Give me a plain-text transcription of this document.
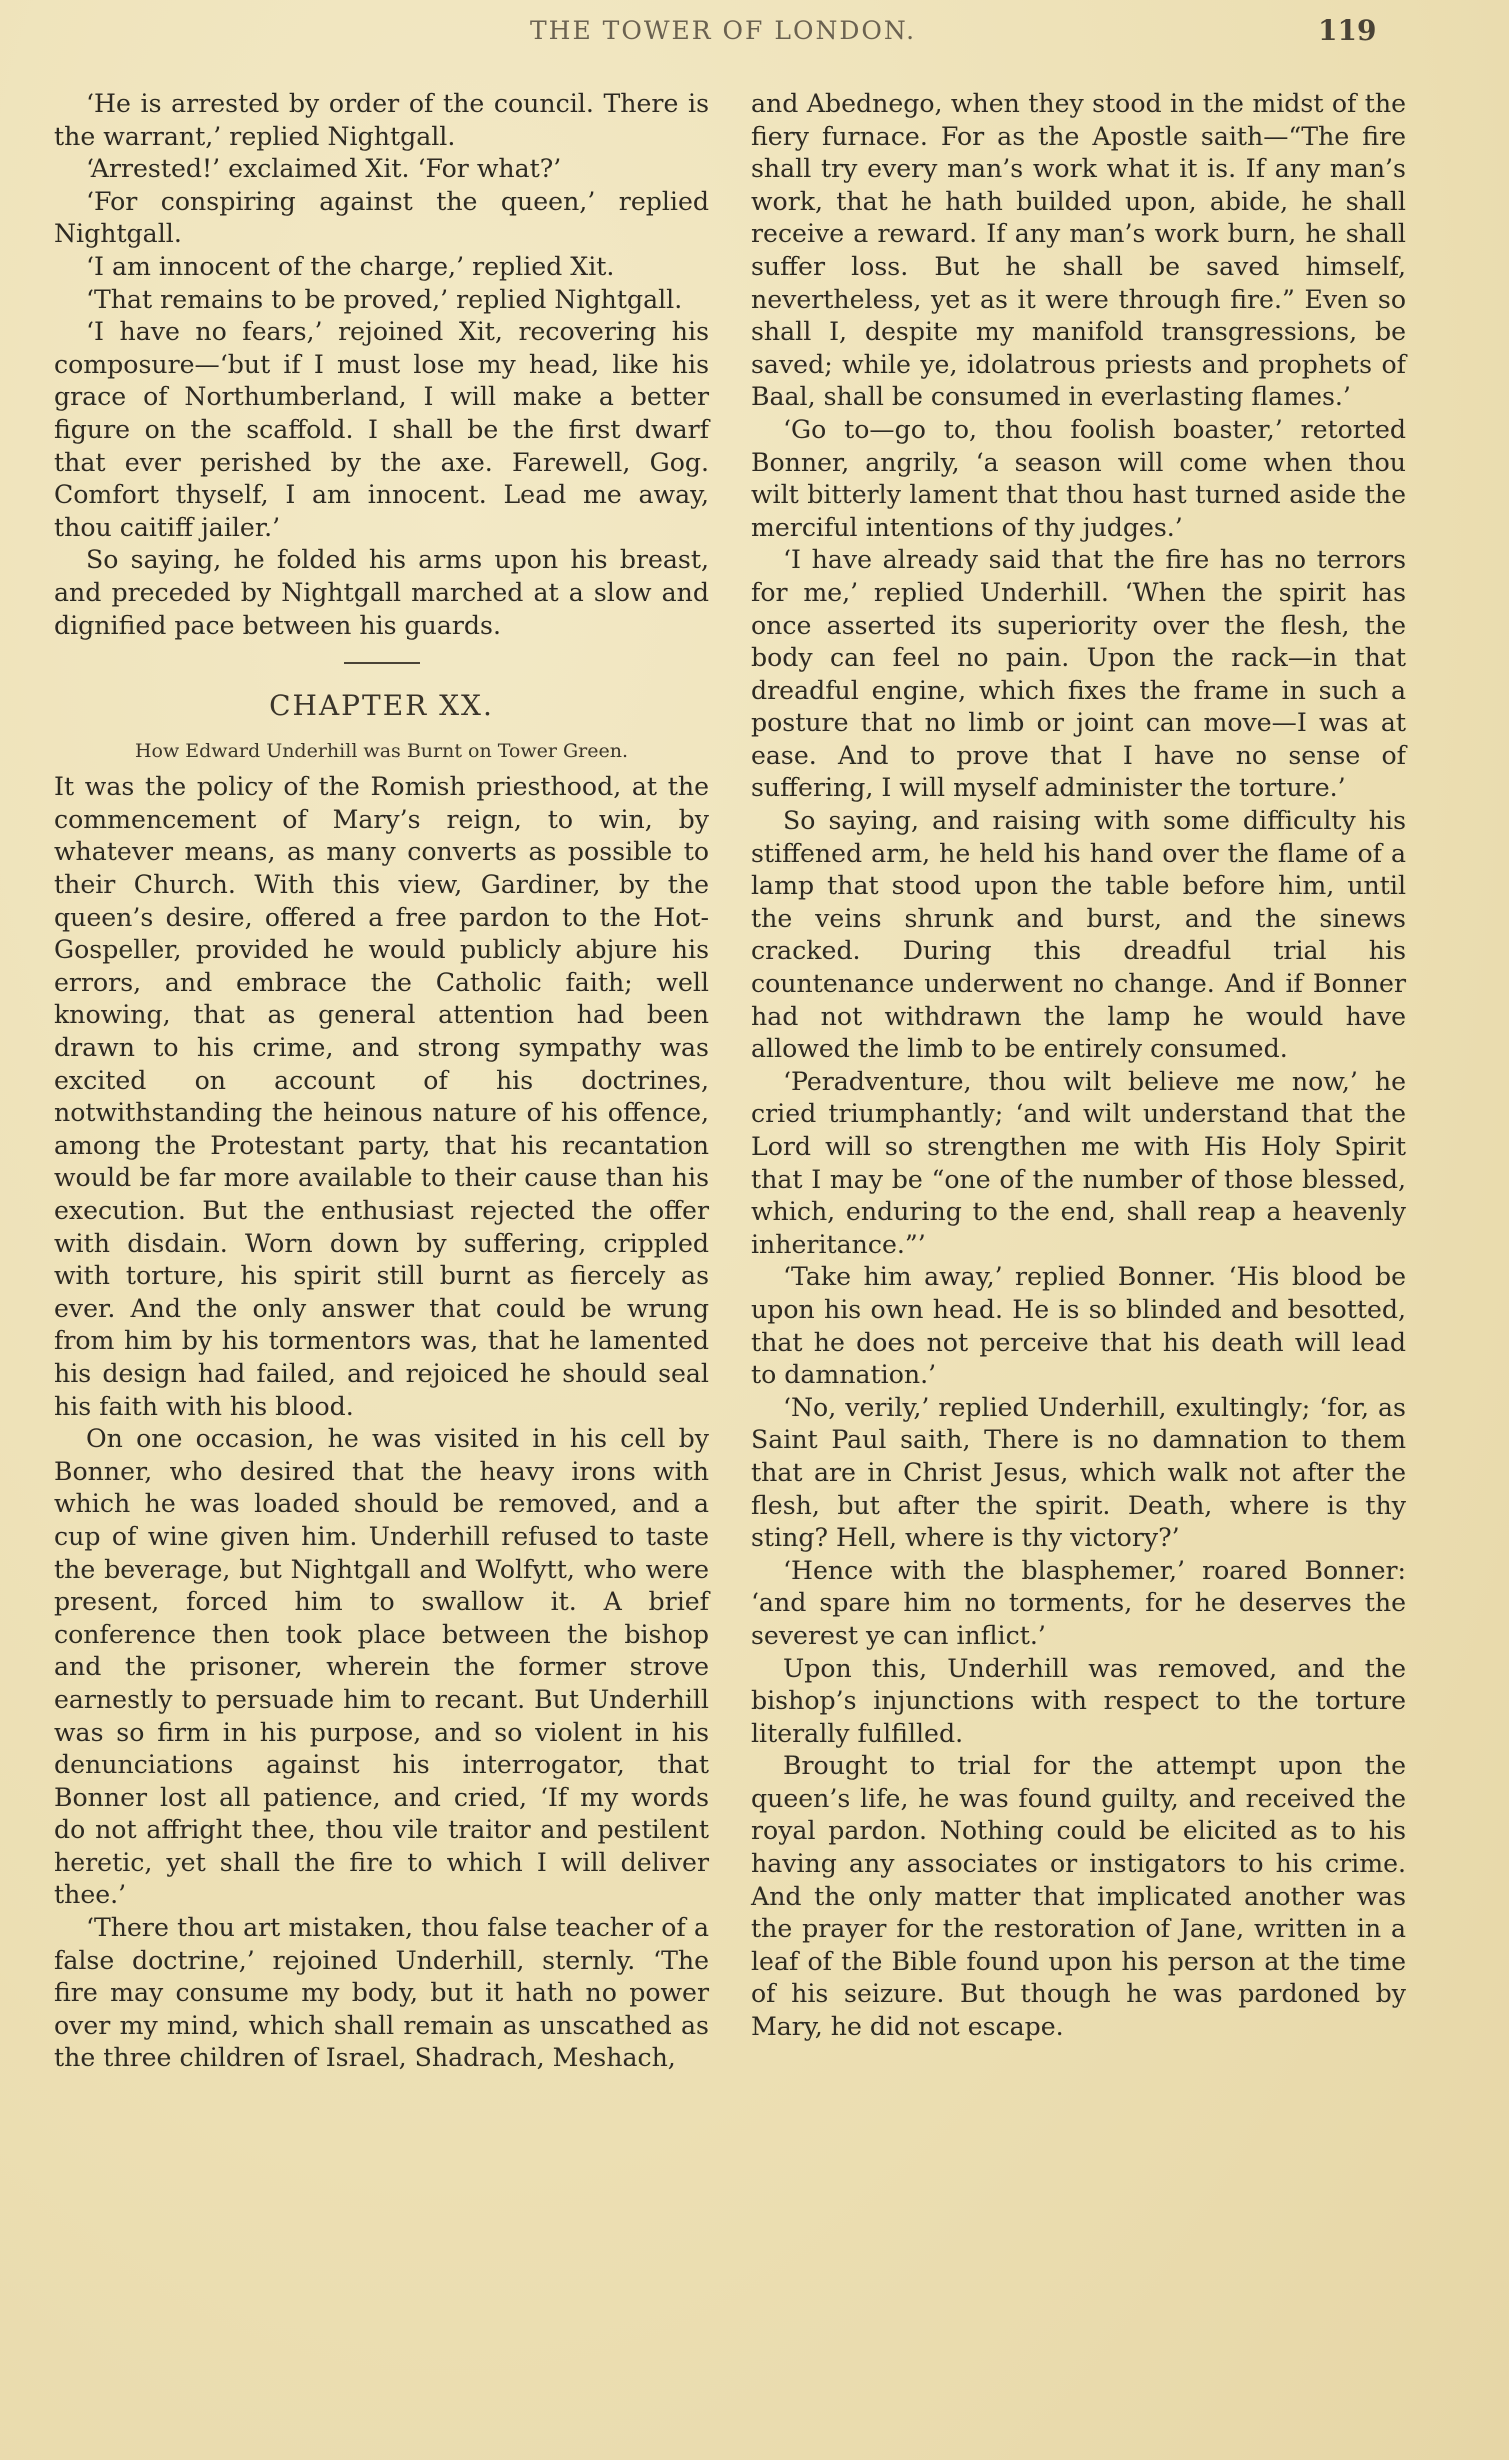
THE TOWER OF LONDON.	119

‘He is arrested by order of the council. There is the warrant,’ replied Nightgall.

‘Arrested!’ exclaimed Xit. ‘For what?’

‘For conspiring against the queen,’ replied Nightgall.

‘I am innocent of the charge,’ replied Xit.

‘That remains to be proved,’ replied Nightgall.

‘I have no fears,’ rejoined Xit, recovering his composure—‘but if I must lose my head, like his grace of Northumberland, I will make a better figure on the scaffold. I shall be the first dwarf that ever perished by the axe. Farewell, Gog. Comfort thyself, I am innocent. Lead me away, thou caitiff jailer.’

So saying, he folded his arms upon his breast, and preceded by Nightgall marched at a slow and dignified pace between his guards.

CHAPTER XX.
How Edward Underhill was Burnt on Tower Green.

It was the policy of the Romish priesthood, at the commencement of Mary’s reign, to win, by whatever means, as many converts as possible to their Church. With this view, Gardiner, by the queen’s desire, offered a free pardon to the Hot-Gospeller, provided he would publicly abjure his errors, and embrace the Catholic faith; well knowing, that as general attention had been drawn to his crime, and strong sympathy was excited on account of his doctrines, notwithstanding the heinous nature of his offence, among the Protestant party, that his recantation would be far more available to their cause than his execution. But the enthusiast rejected the offer with disdain. Worn down by suffering, crippled with torture, his spirit still burnt as fiercely as ever. And the only answer that could be wrung from him by his tormentors was, that he lamented his design had failed, and rejoiced he should seal his faith with his blood.

On one occasion, he was visited in his cell by Bonner, who desired that the heavy irons with which he was loaded should be removed, and a cup of wine given him. Underhill refused to taste the beverage, but Nightgall and Wolfytt, who were present, forced him to swallow it. A brief conference then took place between the bishop and the prisoner, wherein the former strove earnestly to persuade him to recant. But Underhill was so firm in his purpose, and so violent in his denunciations against his interrogator, that Bonner lost all patience, and cried, ‘If my words do not affright thee, thou vile traitor and pestilent heretic, yet shall the fire to which I will deliver thee.’

‘There thou art mistaken, thou false teacher of a false doctrine,’ rejoined Underhill, sternly. ‘The fire may consume my body, but it hath no power over my mind, which shall remain as unscathed as the three children of Israel, Shadrach, Meshach,

and Abednego, when they stood in the midst of the fiery furnace. For as the Apostle saith—“The fire shall try every man’s work what it is. If any man’s work, that he hath builded upon, abide, he shall receive a reward. If any man’s work burn, he shall suffer loss. But he shall be saved himself, nevertheless, yet as it were through fire.” Even so shall I, despite my manifold transgressions, be saved; while ye, idolatrous priests and prophets of Baal, shall be consumed in everlasting flames.’

‘Go to—go to, thou foolish boaster,’ retorted Bonner, angrily, ‘a season will come when thou wilt bitterly lament that thou hast turned aside the merciful intentions of thy judges.’

‘I have already said that the fire has no terrors for me,’ replied Underhill. ‘When the spirit has once asserted its superiority over the flesh, the body can feel no pain. Upon the rack—in that dreadful engine, which fixes the frame in such a posture that no limb or joint can move—I was at ease. And to prove that I have no sense of suffering, I will myself administer the torture.’

So saying, and raising with some difficulty his stiffened arm, he held his hand over the flame of a lamp that stood upon the table before him, until the veins shrunk and burst, and the sinews cracked. During this dreadful trial his countenance underwent no change. And if Bonner had not withdrawn the lamp he would have allowed the limb to be entirely consumed.

‘Peradventure, thou wilt believe me now,’ he cried triumphantly; ‘and wilt understand that the Lord will so strengthen me with His Holy Spirit that I may be “one of the number of those blessed, which, enduring to the end, shall reap a heavenly inheritance.”’

‘Take him away,’ replied Bonner. ‘His blood be upon his own head. He is so blinded and besotted, that he does not perceive that his death will lead to damnation.’

‘No, verily,’ replied Underhill, exultingly; ‘for, as Saint Paul saith, There is no damnation to them that are in Christ Jesus, which walk not after the flesh, but after the spirit. Death, where is thy sting? Hell, where is thy victory?’

‘Hence with the blasphemer,’ roared Bonner: ‘and spare him no torments, for he deserves the severest ye can inflict.’

Upon this, Underhill was removed, and the bishop’s injunctions with respect to the torture literally fulfilled.

Brought to trial for the attempt upon the queen’s life, he was found guilty, and received the royal pardon. Nothing could be elicited as to his having any associates or instigators to his crime. And the only matter that implicated another was the prayer for the restoration of Jane, written in a leaf of the Bible found upon his person at the time of his seizure. But though he was pardoned by Mary, he did not escape.
